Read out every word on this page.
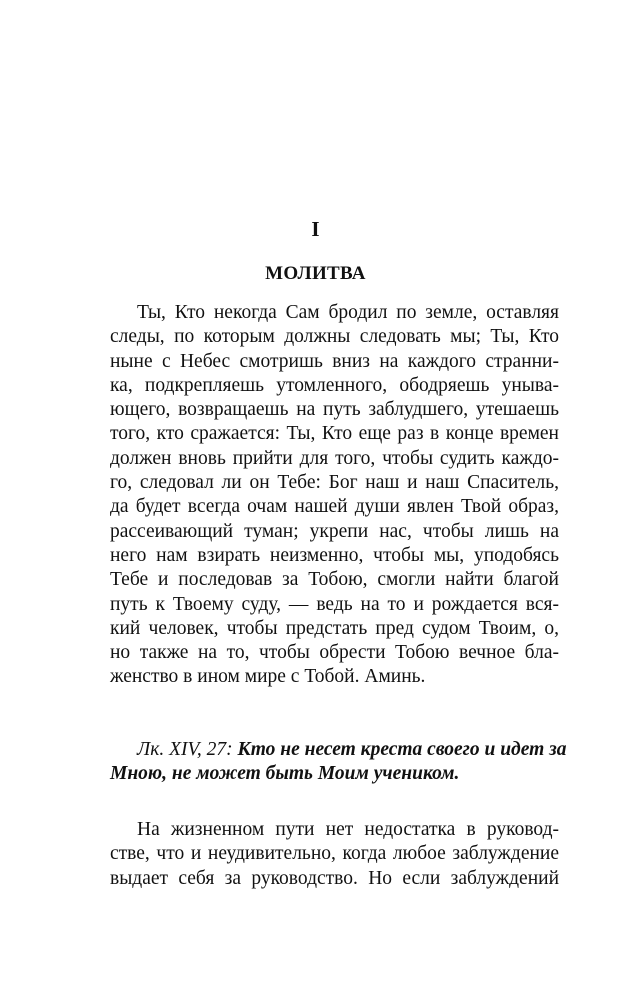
I
МОЛИТВА
Ты, Кто некогда Сам бродил по земле, оставляя
следы, по которым должны следовать мы; Ты, Кто
ныне с Небес смотришь вниз на каждого странни-
ка, подкрепляешь утомленного, ободряешь уныва-
ющего, возвращаешь на путь заблудшего, утешаешь
того, кто сражается: Ты, Кто еще раз в конце времен
должен вновь прийти для того, чтобы судить каждо-
го, следовал ли он Тебе: Бог наш и наш Спаситель,
да будет всегда очам нашей души явлен Твой образ,
рассеивающий туман; укрепи нас, чтобы лишь на
него нам взирать неизменно, чтобы мы, уподобясь
Тебе и последовав за Тобою, смогли найти благой
путь к Твоему суду, — ведь на то и рождается вся-
кий человек, чтобы предстать пред судом Твоим, о,
но также на то, чтобы обрести Тобою вечное бла-
женство в ином мире с Тобой. Аминь.
Лк. XIV, 27: Кто не несет креста своего и идет за
Мною, не может быть Моим учеником.
На жизненном пути нет недостатка в руковод-
стве, что и неудивительно, когда любое заблуждение
выдает себя за руководство. Но если заблуждений
